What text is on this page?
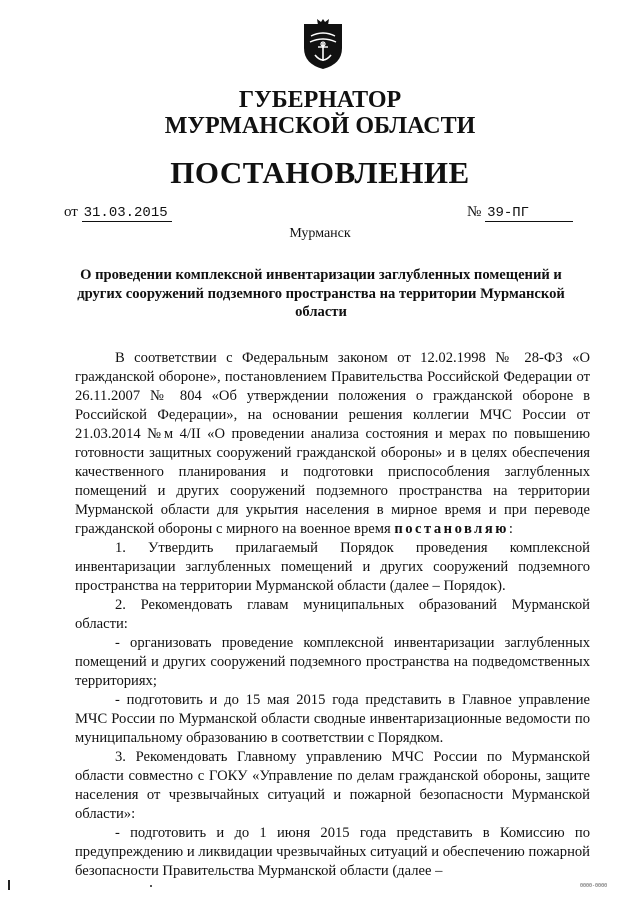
ГУБЕРНАТОР
МУРМАНСКОЙ ОБЛАСТИ
ПОСТАНОВЛЕНИЕ
от 31.03.2015	№ 39-ПГ
Мурманск
О проведении комплексной инвентаризации заглубленных помещений и других сооружений подземного пространства на территории Мурманской области

В соответствии с Федеральным законом от 12.02.1998 № 28-ФЗ «О гражданской обороне», постановлением Правительства Российской Федерации от 26.11.2007 № 804 «Об утверждении положения о гражданской обороне в Российской Федерации», на основании решения коллегии МЧС России от 21.03.2014 №м 4/II «О проведении анализа состояния и мерах по повышению готовности защитных сооружений гражданской обороны» и в целях обеспечения качественного планирования и подготовки приспособления заглубленных помещений и других сооружений подземного пространства на территории Мурманской области для укрытия населения в мирное время и при переводе гражданской обороны с мирного на военное время постановляю:

1. Утвердить прилагаемый Порядок проведения комплексной инвентаризации заглубленных помещений и других сооружений подземного пространства на территории Мурманской области (далее – Порядок).

2. Рекомендовать главам муниципальных образований Мурманской области:

- организовать проведение комплексной инвентаризации заглубленных помещений и других сооружений подземного пространства на подведомственных территориях;

- подготовить и до 15 мая 2015 года представить в Главное управление МЧС России по Мурманской области сводные инвентаризационные ведомости по муниципальному образованию в соответствии с Порядком.

3. Рекомендовать Главному управлению МЧС России по Мурманской области совместно с ГОКУ «Управление по делам гражданской обороны, защите населения от чрезвычайных ситуаций и пожарной безопасности Мурманской области»:

- подготовить и до 1 июня 2015 года представить в Комиссию по предупреждению и ликвидации чрезвычайных ситуаций и обеспечению пожарной безопасности Правительства Мурманской области (далее –

0000-0000
